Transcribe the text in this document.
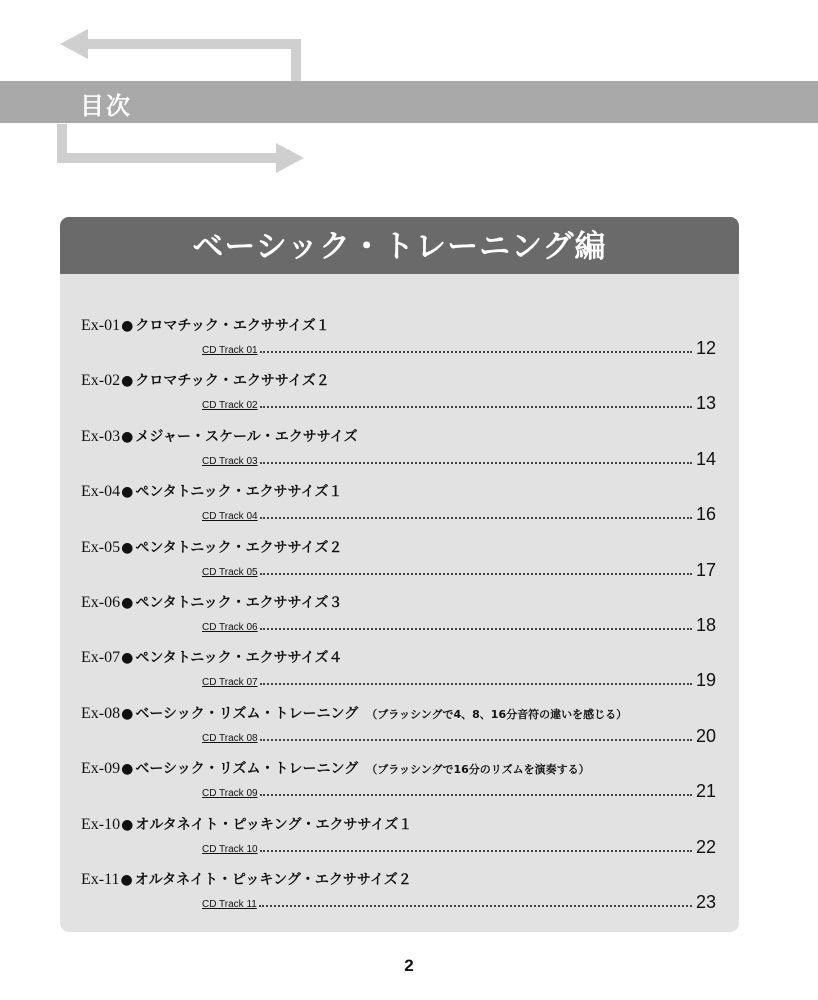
目次
ベーシック・トレーニング編
Ex-01● クロマチック・エクササイズ１
CD Track 01	12
Ex-02● クロマチック・エクササイズ２
CD Track 02	13
Ex-03● メジャー・スケール・エクササイズ
CD Track 03	14
Ex-04● ペンタトニック・エクササイズ１
CD Track 04	16
Ex-05● ペンタトニック・エクササイズ２
CD Track 05	17
Ex-06● ペンタトニック・エクササイズ３
CD Track 06	18
Ex-07● ペンタトニック・エクササイズ４
CD Track 07	19
Ex-08● ベーシック・リズム・トレーニング （ブラッシングで4、8、16分音符の違いを感じる）
CD Track 08	20
Ex-09● ベーシック・リズム・トレーニング （ブラッシングで16分のリズムを演奏する）
CD Track 09	21
Ex-10● オルタネイト・ピッキング・エクササイズ１
CD Track 10	22
Ex-11● オルタネイト・ピッキング・エクササイズ２
CD Track 11	23
2
